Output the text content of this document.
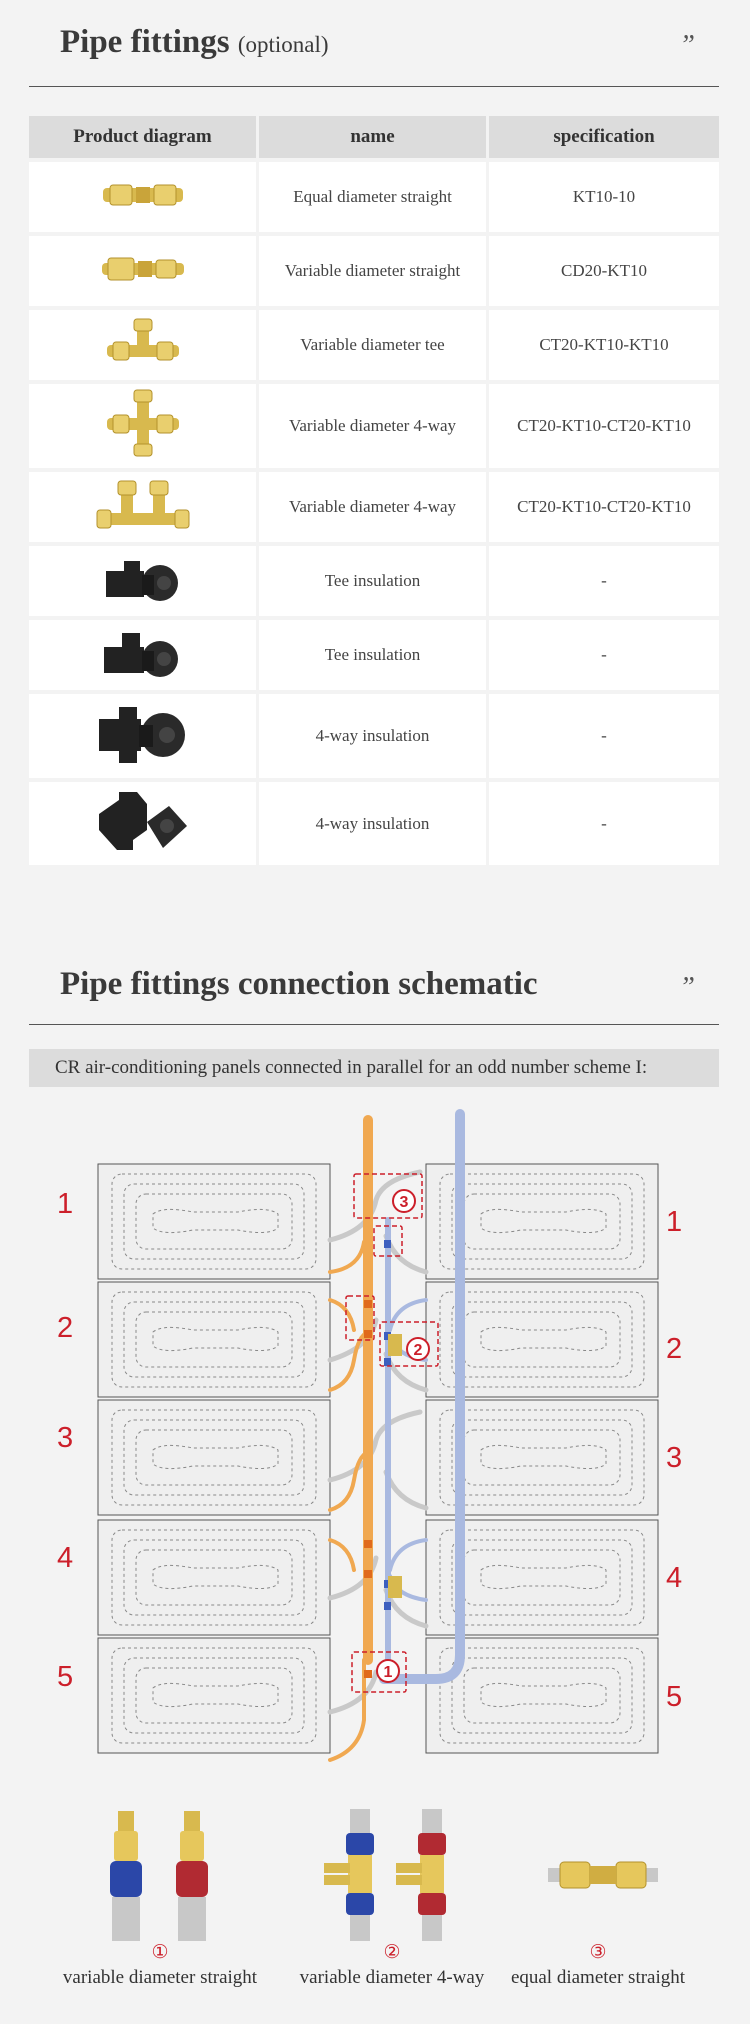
Pipe fittings (optional)	”
Product diagram	name	specification
	Equal diameter straight	KT10-10
	Variable diameter straight	CD20-KT10
	Variable diameter tee	CT20-KT10-KT10
	Variable diameter 4-way	CT20-KT10-CT20-KT10
	Variable diameter 4-way	CT20-KT10-CT20-KT10
	Tee insulation	-
	Tee insulation	-
	4-way insulation	-
	4-way insulation	-
Pipe fittings connection schematic	”
CR air-conditioning panels connected in parallel for an odd number scheme I:
3
2
1
1
2
3
4
5
1
2
3
4
5
①	②	③
variable diameter straight	variable diameter 4-way	equal diameter straight
